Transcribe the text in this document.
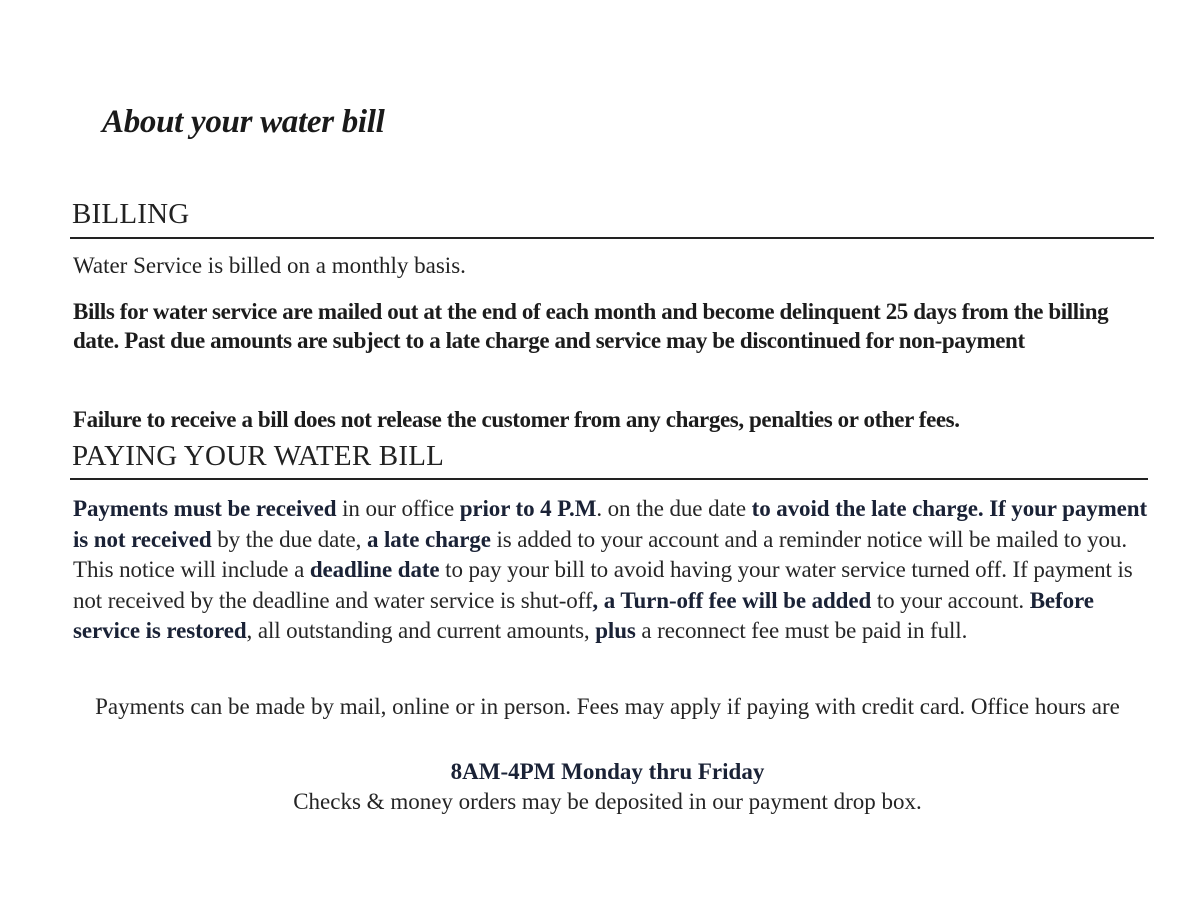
About your water bill
BILLING

Water Service is billed on a monthly basis.

Bills for water service are mailed out at the end of each month and become delinquent 25 days from the billing date. Past due amounts are subject to a late charge and service may be discontinued for non-payment

Failure to receive a bill does not release the customer from any charges, penalties or other fees.

PAYING YOUR WATER BILL

Payments must be received in our office prior to 4 P.M. on the due date to avoid the late charge. If your payment is not received by the due date, a late charge is added to your account and a reminder notice will be mailed to you. This notice will include a deadline date to pay your bill to avoid having your water service turned off. If payment is not received by the deadline and water service is shut-off, a Turn-off fee will be added to your account. Before service is restored, all outstanding and current amounts, plus a reconnect fee must be paid in full.

Payments can be made by mail, online or in person. Fees may apply if paying with credit card. Office hours are

8AM-4PM Monday thru Friday

Checks & money orders may be deposited in our payment drop box.
